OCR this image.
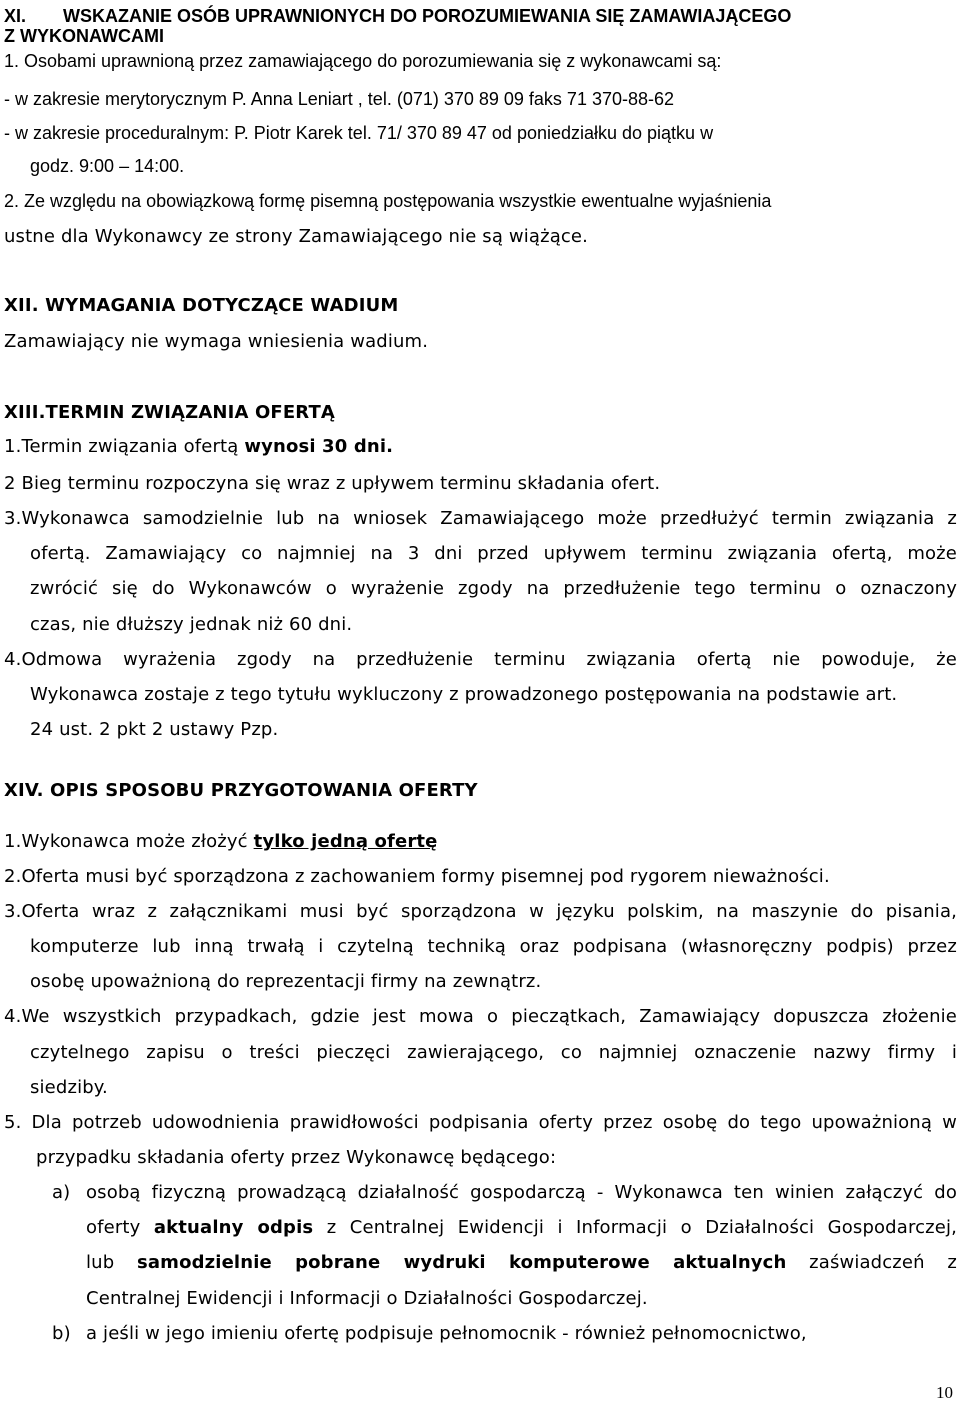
XI. WSKAZANIE OSÓB UPRAWNIONYCH DO POROZUMIEWANIA SIĘ ZAMAWIAJĄCEGO
Z WYKONAWCAMI
1. Osobami uprawnioną przez zamawiającego do porozumiewania się z wykonawcami są:
- w zakresie merytorycznym P. Anna Leniart , tel. (071) 370 89 09 faks 71 370-88-62
- w zakresie proceduralnym: P. Piotr Karek tel. 71/ 370 89 47 od poniedziałku do piątku w
godz. 9:00 – 14:00.
2. Ze względu na obowiązkową formę pisemną postępowania wszystkie ewentualne wyjaśnienia
ustne dla Wykonawcy ze strony Zamawiającego nie są wiążące.
XII. WYMAGANIA DOTYCZĄCE WADIUM
Zamawiający nie wymaga wniesienia wadium.
XIII.TERMIN ZWIĄZANIA OFERTĄ
1.Termin związania ofertą wynosi 30 dni.
2 Bieg terminu rozpoczyna się wraz z upływem terminu składania ofert.
3.Wykonawca samodzielnie lub na wniosek Zamawiającego może przedłużyć termin związania z
ofertą. Zamawiający co najmniej na 3 dni przed upływem terminu związania ofertą, może
zwrócić się do Wykonawców o wyrażenie zgody na przedłużenie tego terminu o oznaczony
czas, nie dłuższy jednak niż 60 dni.
4.Odmowa wyrażenia zgody na przedłużenie terminu związania ofertą nie powoduje, że
Wykonawca zostaje z tego tytułu wykluczony z prowadzonego postępowania na podstawie art.
24 ust. 2 pkt 2 ustawy Pzp.
XIV. OPIS SPOSOBU PRZYGOTOWANIA OFERTY
1.Wykonawca może złożyć tylko jedną ofertę
2.Oferta musi być sporządzona z zachowaniem formy pisemnej pod rygorem nieważności.
3.Oferta wraz z załącznikami musi być sporządzona w języku polskim, na maszynie do pisania,
komputerze lub inną trwałą i czytelną techniką oraz podpisana (własnoręczny podpis) przez
osobę upoważnioną do reprezentacji firmy na zewnątrz.
4.We wszystkich przypadkach, gdzie jest mowa o pieczątkach, Zamawiający dopuszcza złożenie
czytelnego zapisu o treści pieczęci zawierającego, co najmniej oznaczenie nazwy firmy i
siedziby.
5. Dla potrzeb udowodnienia prawidłowości podpisania oferty przez osobę do tego upoważnioną w
przypadku składania oferty przez Wykonawcę będącego:
a) osobą fizyczną prowadzącą działalność gospodarczą - Wykonawca ten winien załączyć do
oferty aktualny odpis z Centralnej Ewidencji i Informacji o Działalności Gospodarczej,
lub samodzielnie pobrane wydruki komputerowe aktualnych zaświadczeń z
Centralnej Ewidencji i Informacji o Działalności Gospodarczej.
b) a jeśli w jego imieniu ofertę podpisuje pełnomocnik - również pełnomocnictwo,
10
